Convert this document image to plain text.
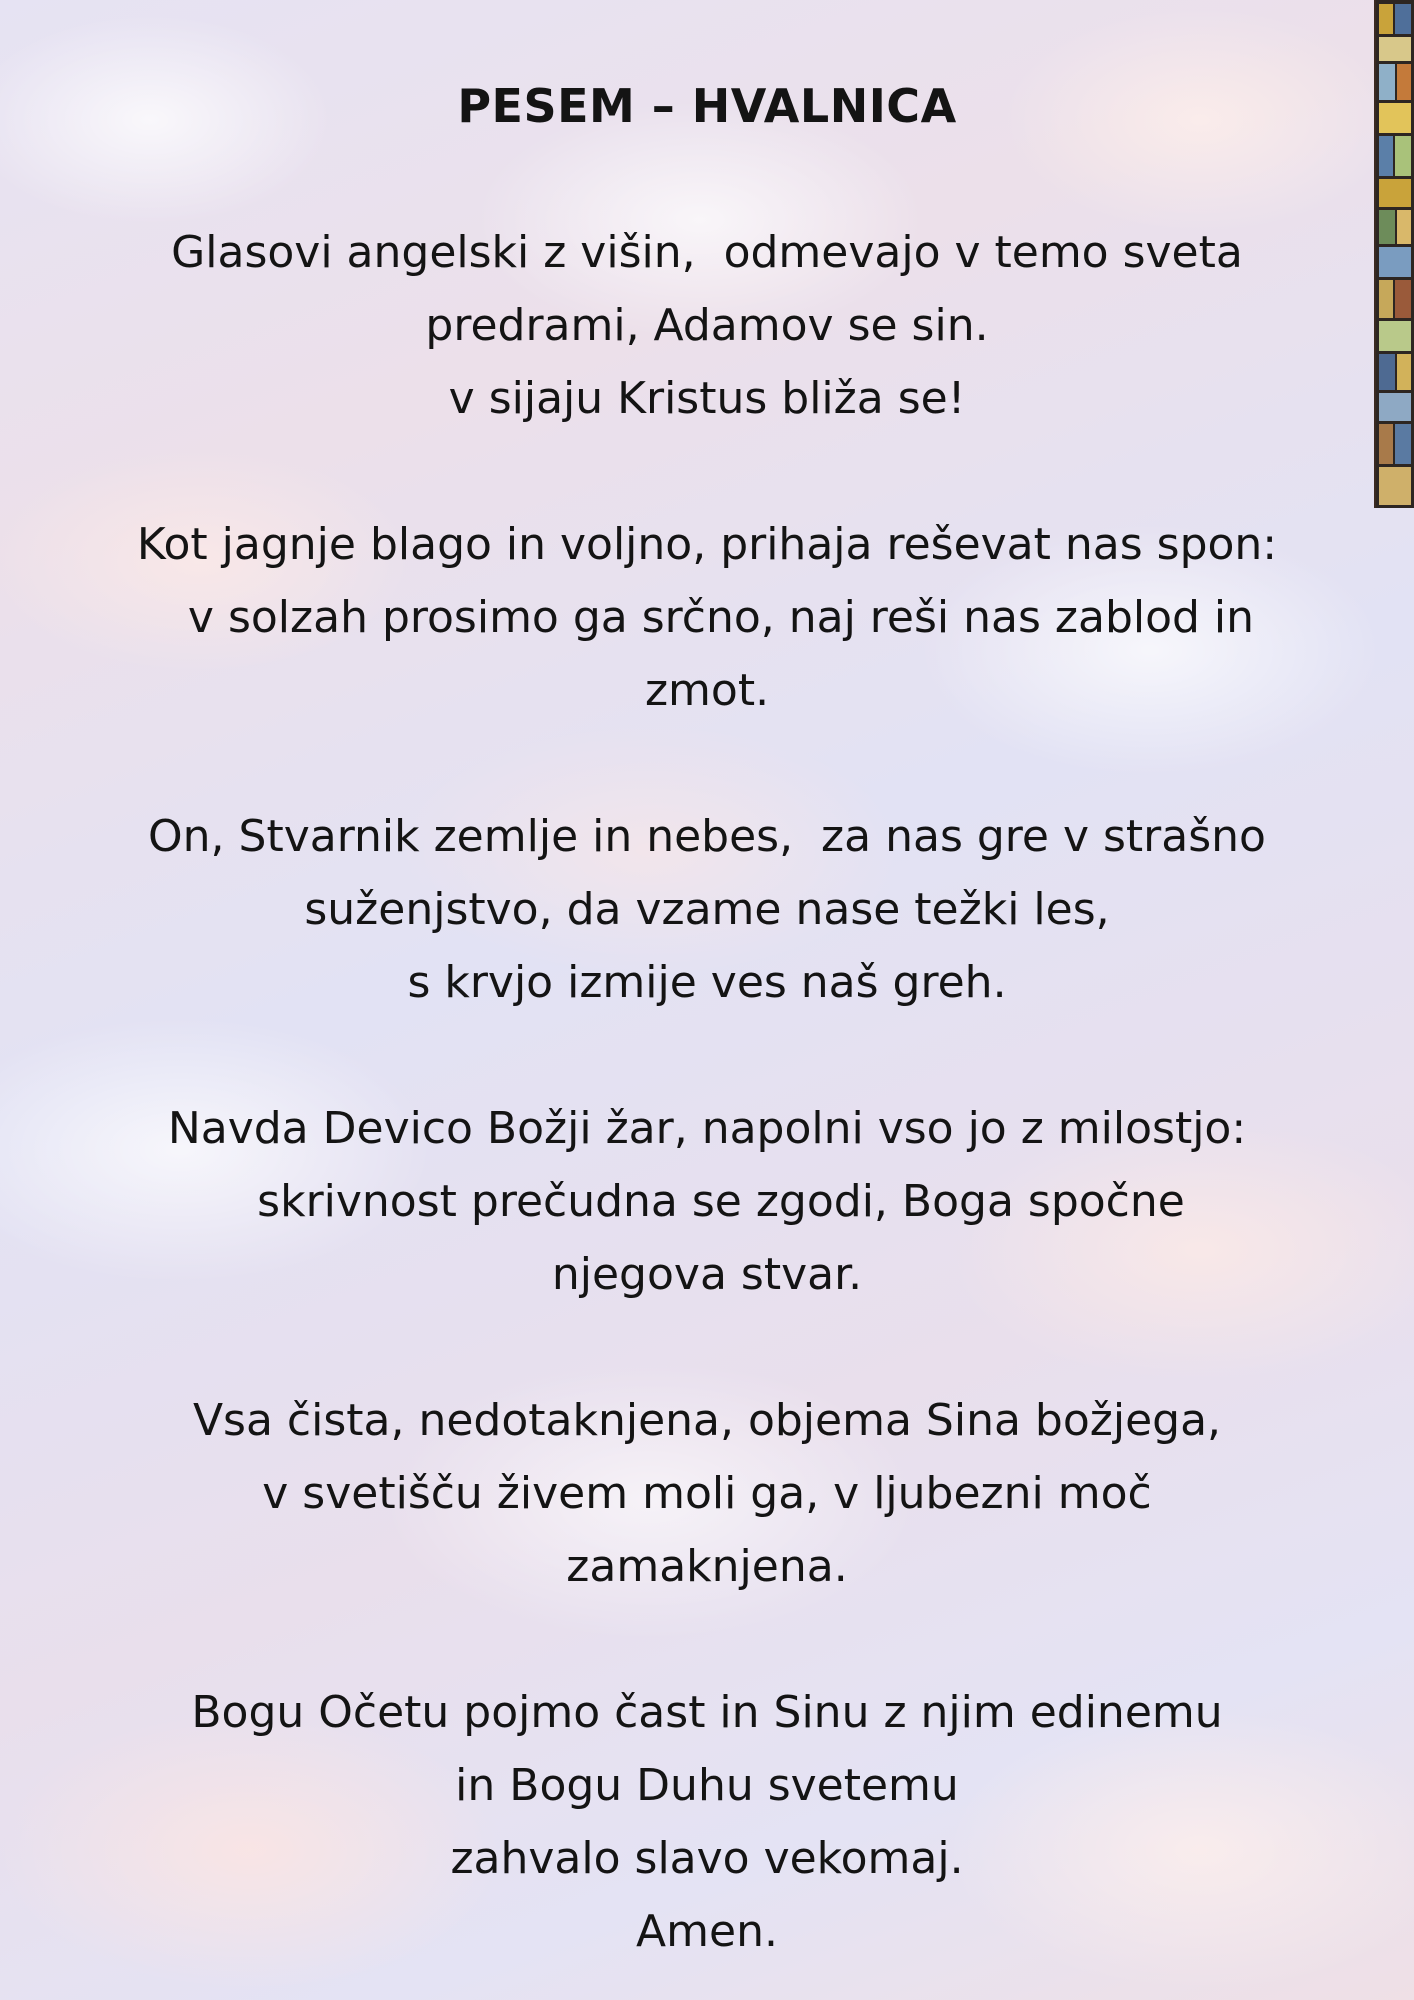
PESEM – HVALNICA
Glasovi angelski z višin,  odmevajo v temo sveta
predrami, Adamov se sin.
v sijaju Kristus bliža se!
Kot jagnje blago in voljno, prihaja reševat nas spon:
v solzah prosimo ga srčno, naj reši nas zablod in
zmot.
On, Stvarnik zemlje in nebes,  za nas gre v strašno
suženjstvo, da vzame nase težki les,
s krvjo izmije ves naš greh.
Navda Devico Božji žar, napolni vso jo z milostjo:
skrivnost prečudna se zgodi, Boga spočne
njegova stvar.
Vsa čista, nedotaknjena, objema Sina božjega,
v svetišču živem moli ga, v ljubezni moč
zamaknjena.
Bogu Očetu pojmo čast in Sinu z njim edinemu
in Bogu Duhu svetemu
zahvalo slavo vekomaj.
Amen.
